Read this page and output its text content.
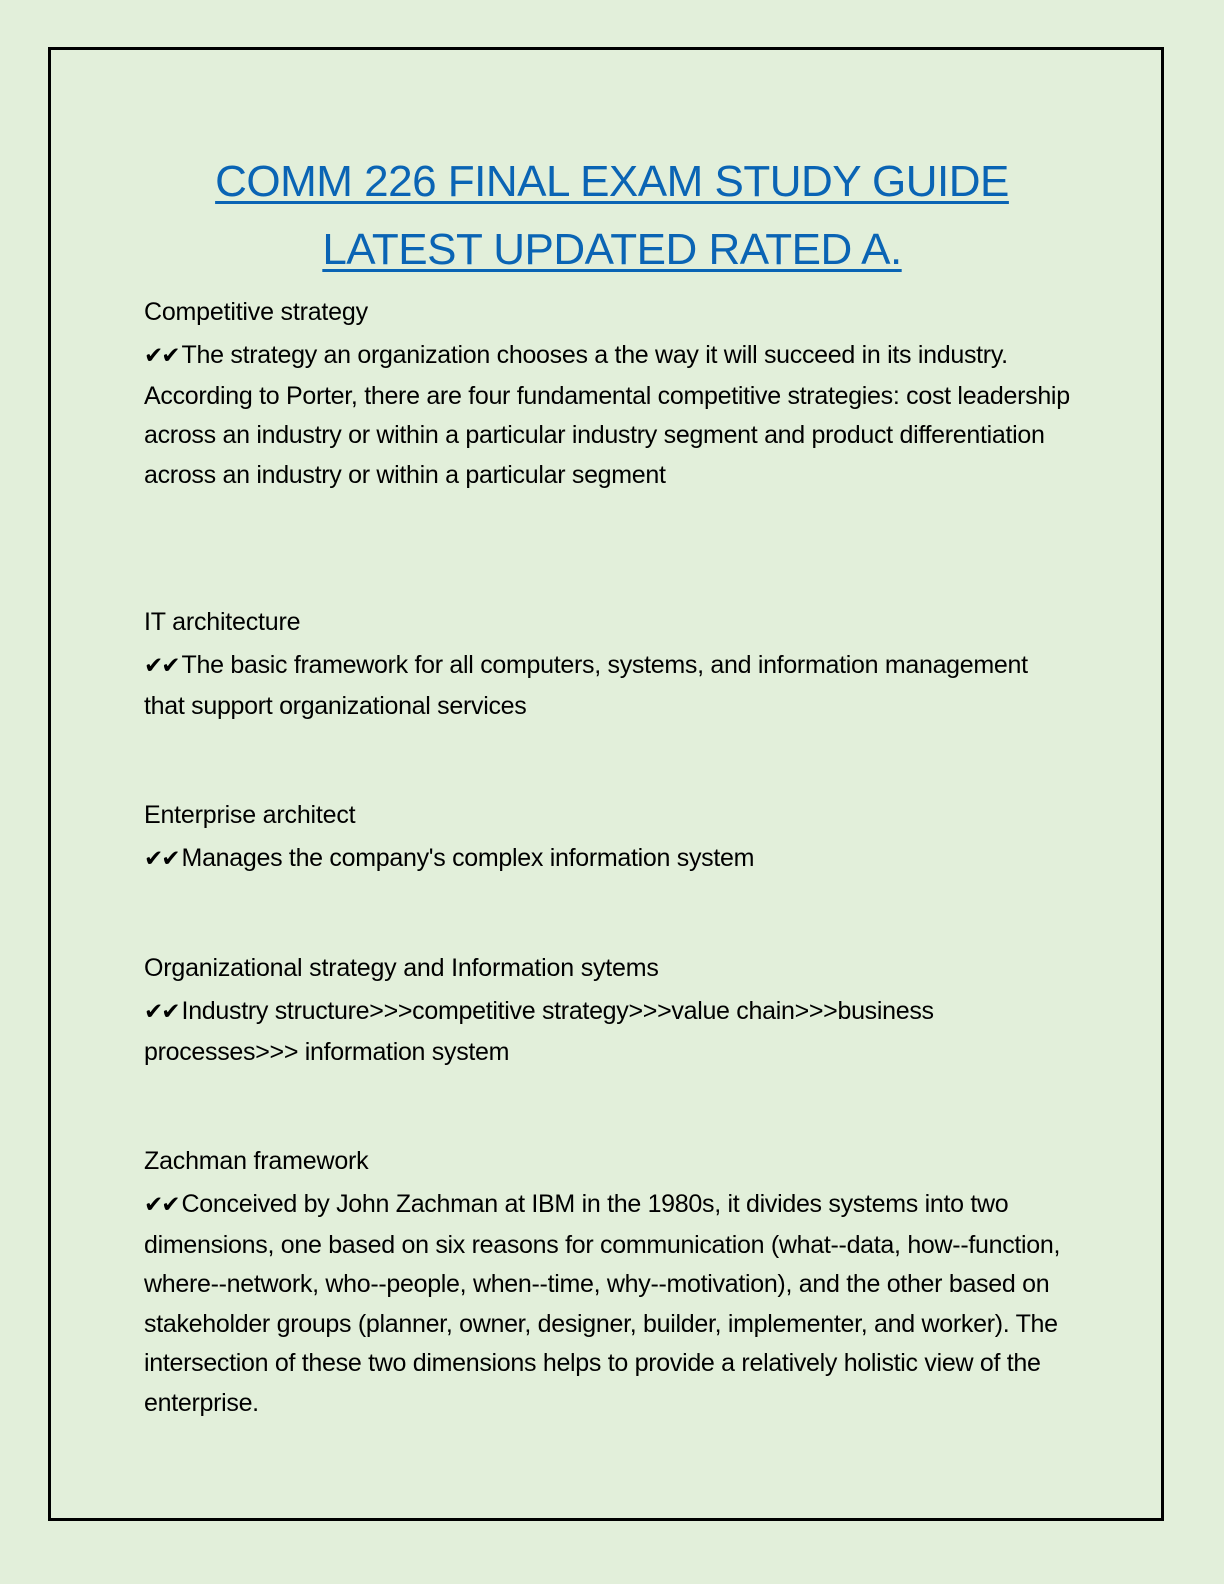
COMM 226 FINAL EXAM STUDY GUIDE
LATEST UPDATED RATED A.

Competitive strategy

✔✔ The strategy an organization chooses a the way it will succeed in its industry. According to Porter, there are four fundamental competitive strategies: cost leadership across an industry or within a particular industry segment and product differentiation across an industry or within a particular segment

IT architecture

✔✔ The basic framework for all computers, systems, and information management that support organizational services

Enterprise architect

✔✔ Manages the company's complex information system

Organizational strategy and Information sytems

✔✔ Industry structure>>>competitive strategy>>>value chain>>>business processes>>> information system

Zachman framework

✔✔ Conceived by John Zachman at IBM in the 1980s, it divides systems into two dimensions, one based on six reasons for communication (what--data, how--function, where--network, who--people, when--time, why--motivation), and the other based on stakeholder groups (planner, owner, designer, builder, implementer, and worker). The intersection of these two dimensions helps to provide a relatively holistic view of the enterprise.
